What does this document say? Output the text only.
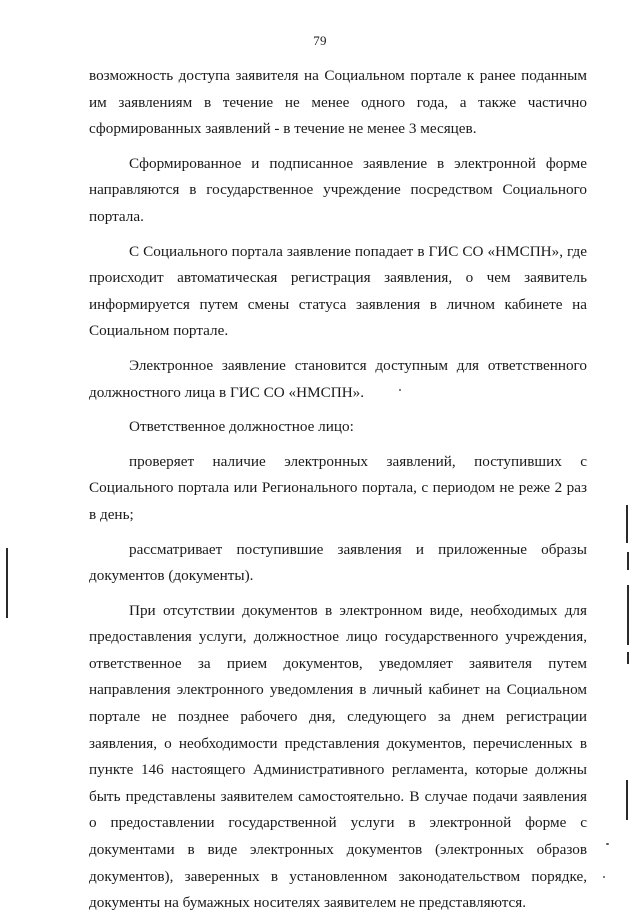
79

возможность доступа заявителя на Социальном портале к ранее поданным им заявлениям в течение не менее одного года, а также частично сформированных заявлений - в течение не менее 3 месяцев.

Сформированное и подписанное заявление в электронной форме направляются в государственное учреждение посредством Социального портала.

С Социального портала заявление попадает в ГИС СО «НМСПН», где происходит автоматическая регистрация заявления, о чем заявитель информируется путем смены статуса заявления в личном кабинете на Социальном портале.

Электронное заявление становится доступным для ответственного должностного лица в ГИС СО «НМСПН».

Ответственное должностное лицо:

проверяет наличие электронных заявлений, поступивших с Социального портала или Регионального портала, с периодом не реже 2 раз в день;

рассматривает поступившие заявления и приложенные образы документов (документы).

При отсутствии документов в электронном виде, необходимых для предоставления услуги, должностное лицо государственного учреждения, ответственное за прием документов, уведомляет заявителя путем направления электронного уведомления в личный кабинет на Социальном портале не позднее рабочего дня, следующего за днем регистрации заявления, о необходимости представления документов, перечисленных в пункте 146 настоящего Административного регламента, которые должны быть представлены заявителем самостоятельно. В случае подачи заявления о предоставлении государственной услуги в электронной форме с документами в виде электронных документов (электронных образов документов), заверенных в установленном законодательством порядке, документы на бумажных носителях заявителем не представляются.
